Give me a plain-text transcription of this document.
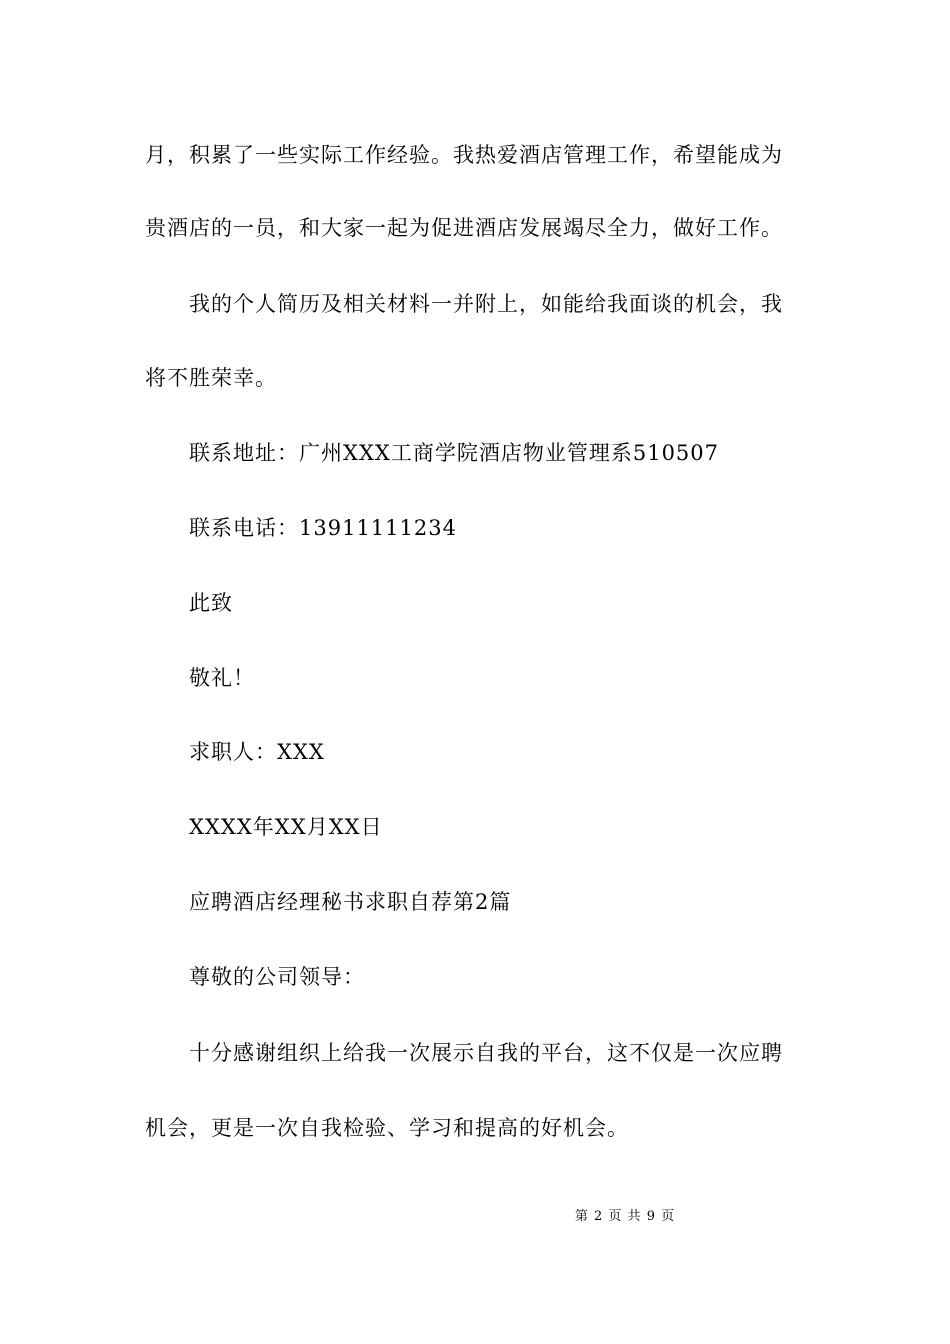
月，积累了一些实际工作经验。我热爱酒店管理工作，希望能成为
贵酒店的一员，和大家一起为促进酒店发展竭尽全力，做好工作。
我的个人简历及相关材料一并附上，如能给我面谈的机会，我
将不胜荣幸。
联系地址：广州XXX工商学院酒店物业管理系510507
联系电话：13911111234
此致
敬礼！
求职人：XXX
XXXX年XX月XX日
应聘酒店经理秘书求职自荐第2篇
尊敬的公司领导：
十分感谢组织上给我一次展示自我的平台，这不仅是一次应聘
机会，更是一次自我检验、学习和提高的好机会。
第 2 页 共 9 页
